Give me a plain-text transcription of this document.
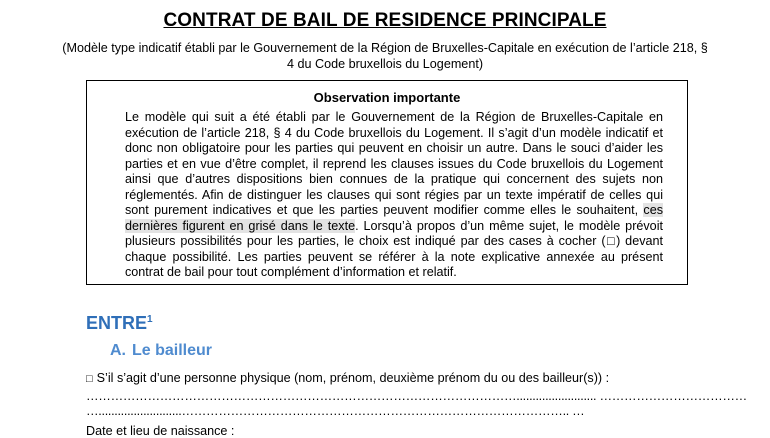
CONTRAT DE BAIL DE RESIDENCE PRINCIPALE
(Modèle type indicatif établi par le Gouvernement de la Région de Bruxelles-Capitale en exécution de l’article 218, § 4 du Code bruxellois du Logement)
Observation importante
Le modèle qui suit a été établi par le Gouvernement de la Région de Bruxelles-Capitale en exécution de l’article 218, § 4 du Code bruxellois du Logement. Il s’agit d’un modèle indicatif et donc non obligatoire pour les parties qui peuvent en choisir un autre. Dans le souci d’aider les parties et en vue d’être complet, il reprend les clauses issues du Code bruxellois du Logement ainsi que d’autres dispositions bien connues de la pratique qui concernent des sujets non réglementés. Afin de distinguer les clauses qui sont régies par un texte impératif de celles qui sont purement indicatives et que les parties peuvent modifier comme elles le souhaitent, ces dernières figurent en grisé dans le texte. Lorsqu’à propos d’un même sujet, le modèle prévoit plusieurs possibilités pour les parties, le choix est indiqué par des cases à cocher (□) devant chaque possibilité. Les parties peuvent se référer à la note explicative annexée au présent contrat de bail pour tout complément d’information et relatif.
ENTRE$^1$
A. Le bailleur
□ S’il s’agit d’une personne physique (nom, prénom, deuxième prénom du ou des bailleur(s)) :
……………………………………………………………………………………………......................... ………………………………
…..........................………………………………………………………………………………….. …
Date et lieu de naissance :
